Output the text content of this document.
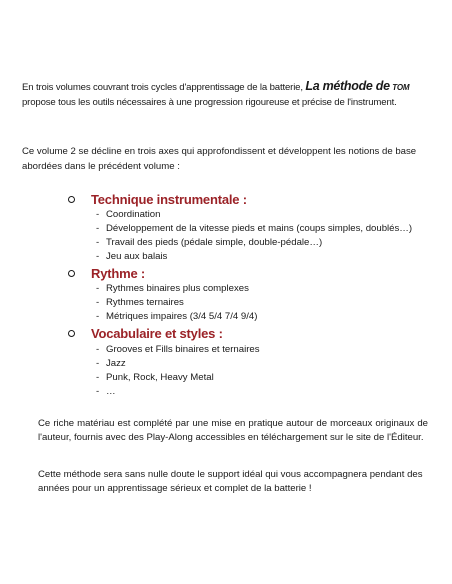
En trois volumes couvrant trois cycles d'apprentissage de la batterie, La méthode de TOM
propose tous les outils nécessaires à une progression rigoureuse et précise de l'instrument.
Ce volume 2 se décline en trois axes qui approfondissent et développent les notions de base abordées dans le précédent volume :
Technique instrumentale :
- Coordination
- Développement de la vitesse pieds et mains (coups simples, doublés…)
- Travail des pieds (pédale simple, double-pédale…)
- Jeu aux balais
Rythme :
- Rythmes binaires plus complexes
- Rythmes ternaires
- Métriques impaires (3/4 5/4 7/4 9/4)
Vocabulaire et styles :
- Grooves et Fills binaires et ternaires
- Jazz
- Punk, Rock, Heavy Metal
- …
Ce riche matériau est complété par une mise en pratique autour de morceaux originaux de l'auteur, fournis avec des Play-Along accessibles en téléchargement sur le site de l'Éditeur.
Cette méthode sera sans nulle doute le support idéal qui vous accompagnera pendant des années pour un apprentissage sérieux et complet de la batterie !
